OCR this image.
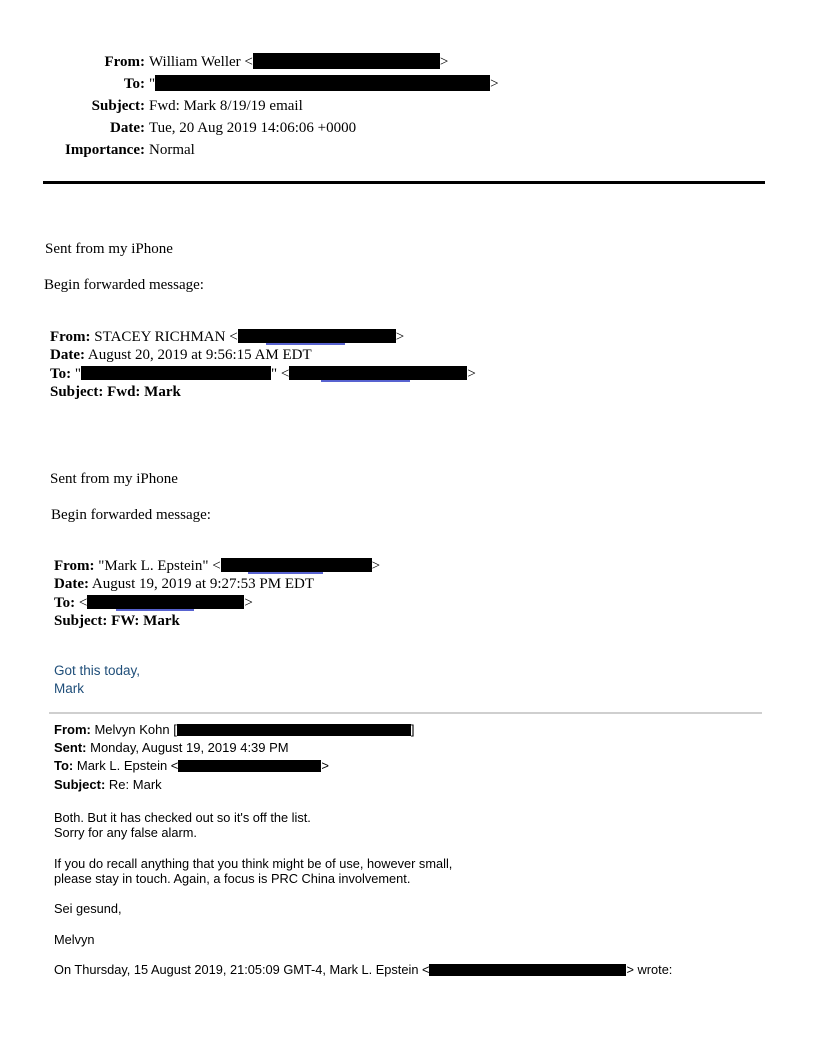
From: William Weller <	>
To: "	>
Subject: Fwd: Mark 8/19/19 email
Date: Tue, 20 Aug 2019 14:06:06 +0000
Importance: Normal
Sent from my iPhone
Begin forwarded message:
From: STACEY RICHMAN <	>
Date: August 20, 2019 at 9:56:15 AM EDT
To: "	" <	>
Subject: Fwd: Mark
Sent from my iPhone
Begin forwarded message:
From: "Mark L. Epstein" <	>
Date: August 19, 2019 at 9:27:53 PM EDT
To: <	>
Subject: FW: Mark
Got this today,
Mark
From: Melvyn Kohn [	]
Sent: Monday, August 19, 2019 4:39 PM
To: Mark L. Epstein <	>
Subject: Re: Mark
Both. But it has checked out so it's off the list.
Sorry for any false alarm.
If you do recall anything that you think might be of use, however small,
please stay in touch. Again, a focus is PRC China involvement.
Sei gesund,
Melvyn
On Thursday, 15 August 2019, 21:05:09 GMT-4, Mark L. Epstein <	> wrote:
